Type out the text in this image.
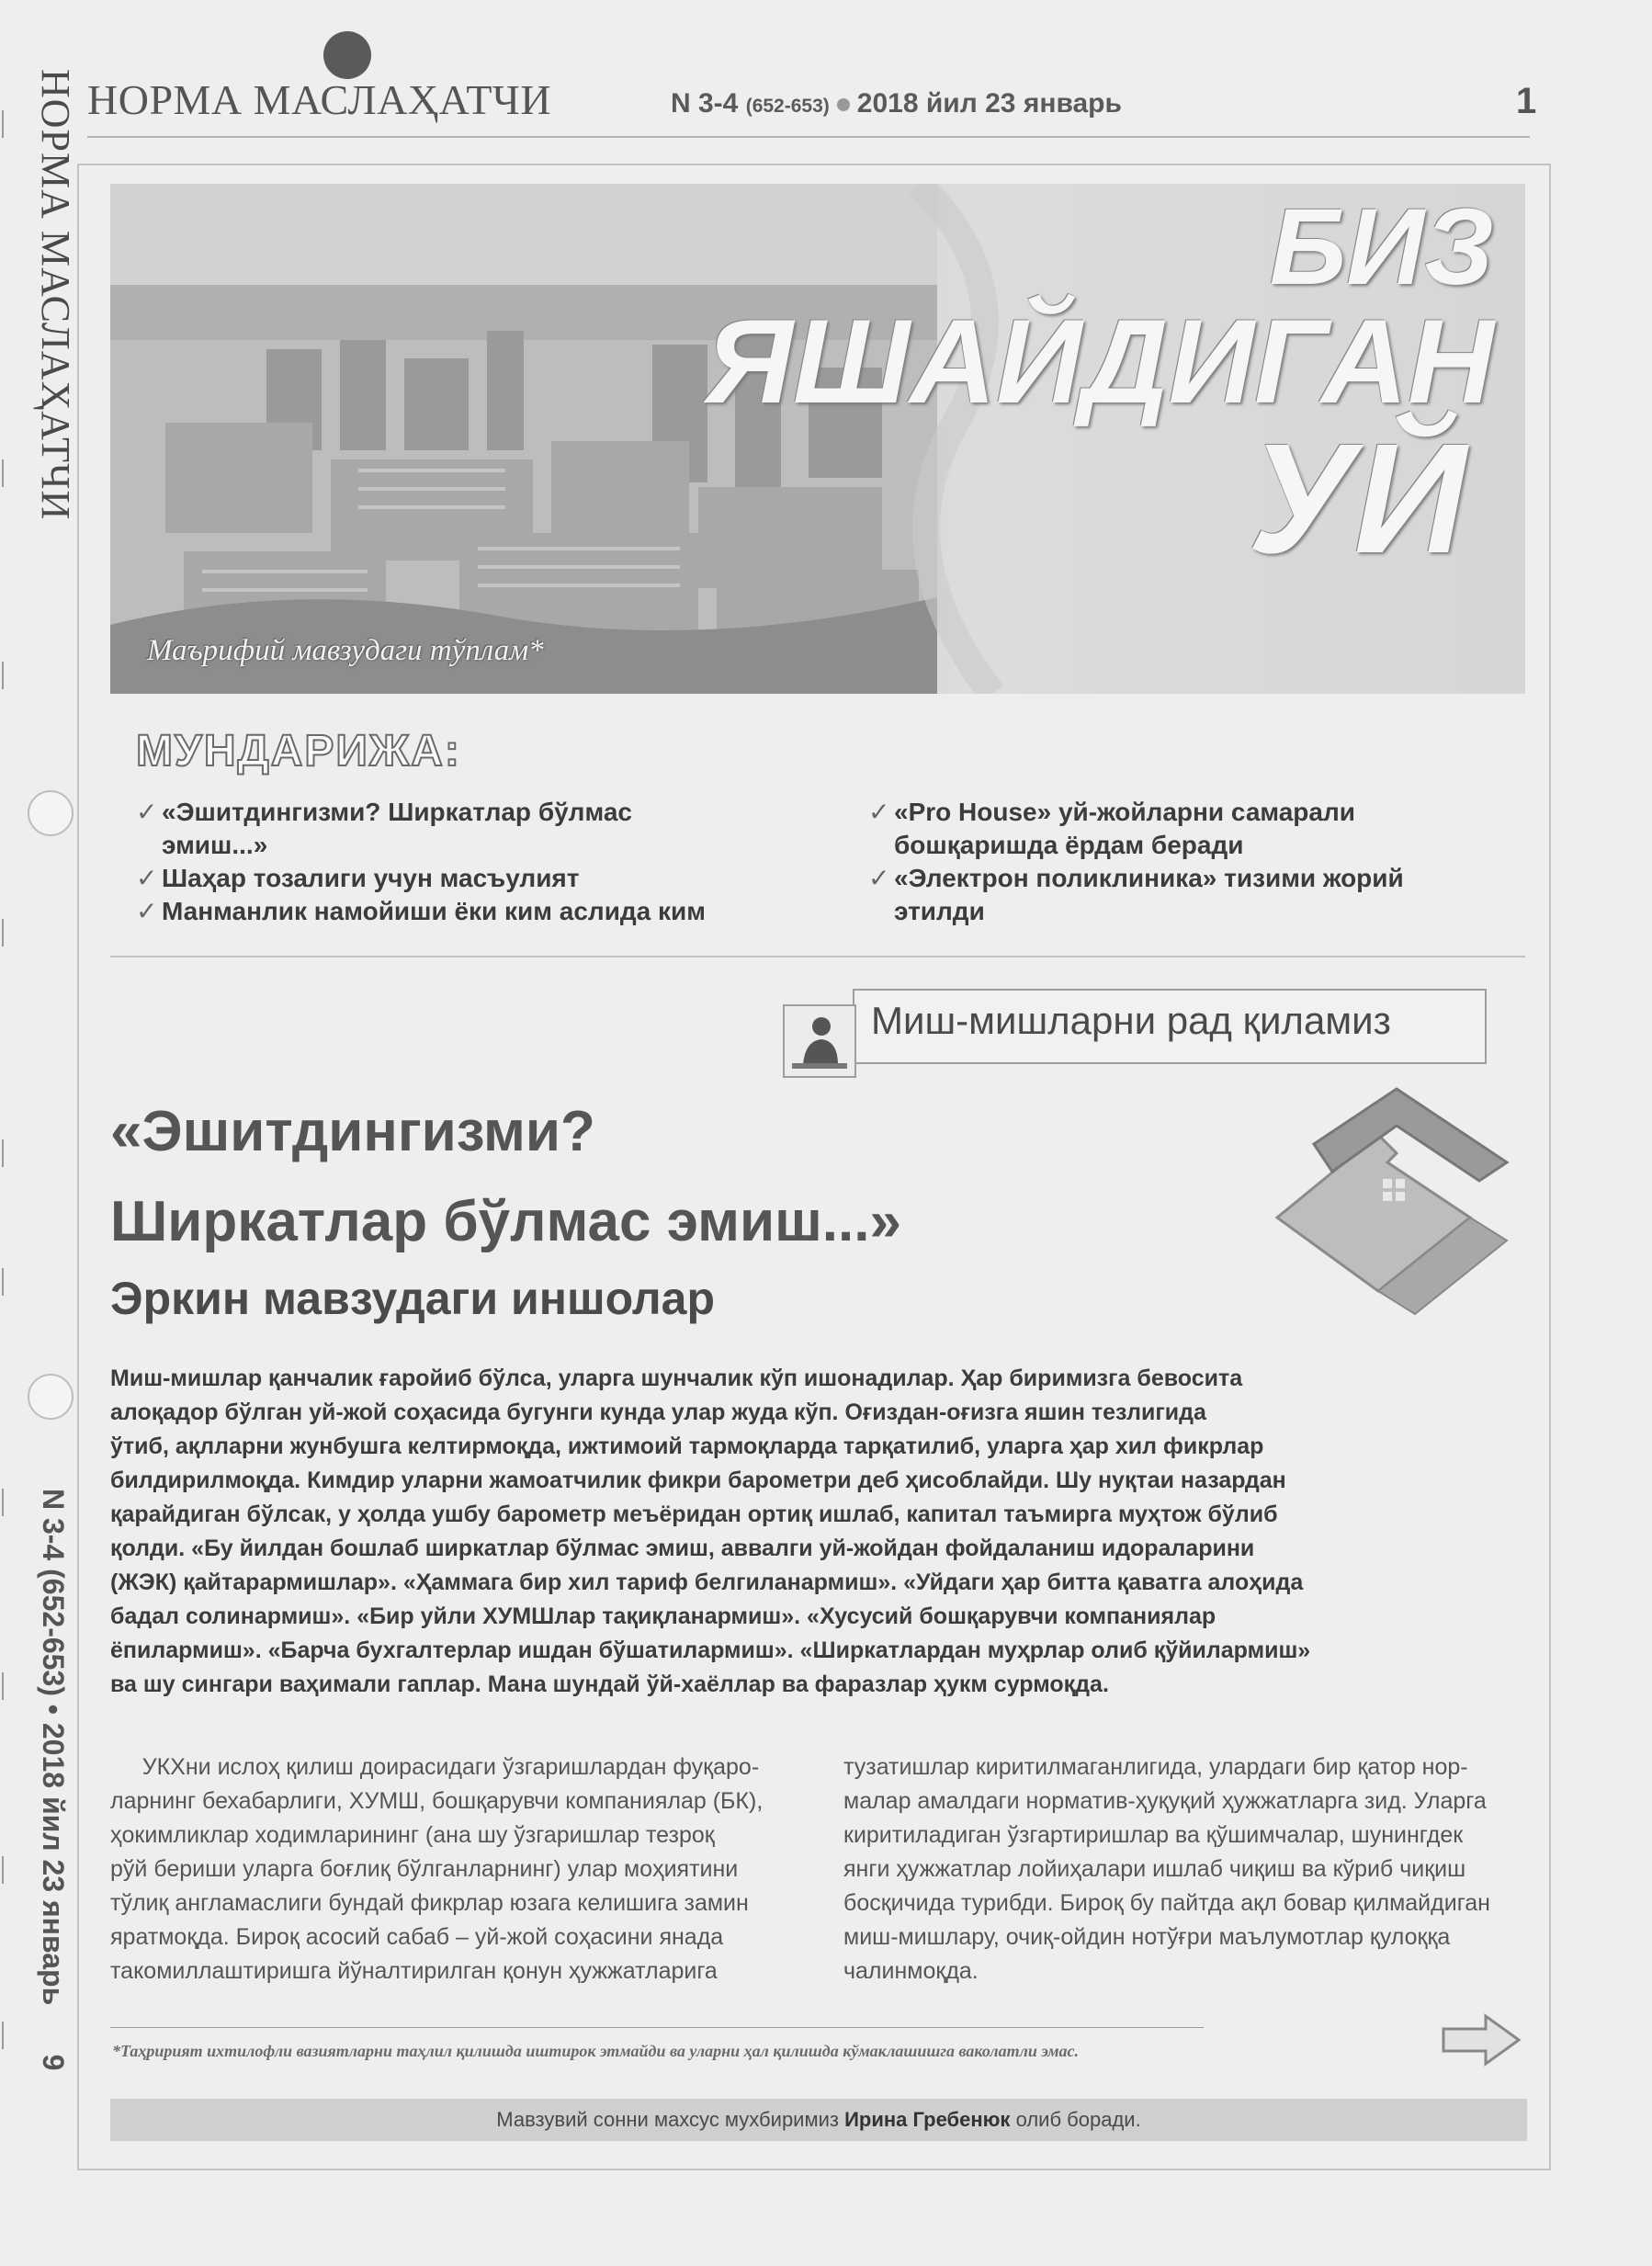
НОРМА МАСЛАҲАТЧИ
N 3-4 (652-653) • 2018 йил 23 январь      9
НОРМА МАСЛАҲАТЧИ	N 3-4 (652-653) 2018 йил 23 январь	1
БИЗ
ЯШАЙДИГАН
УЙ
Маърифий мавзудаги тўплам*
МУНДАРИЖА:
✓ «Эшитдингизми? Ширкатлар бўлмас
эмиш...»
✓ Шаҳар тозалиги учун масъулият
✓ Манманлик намойиши ёки ким аслида ким
✓ «Pro House» уй-жойларни самарали
бошқаришда ёрдам беради
✓ «Электрон поликлиника» тизими жорий
этилди
Миш-мишларни рад қиламиз
«Эшитдингизми?
Ширкатлар бўлмас эмиш...»
Эркин мавзудаги иншолар
Миш-мишлар қанчалик ғаройиб бўлса, уларга шунчалик кўп ишонадилар. Ҳар биримизга бевосита
алоқадор бўлган уй-жой соҳасида бугунги кунда улар жуда кўп. Оғиздан-оғизга яшин тезлигида
ўтиб, ақлларни жунбушга келтирмоқда, ижтимоий тармоқларда тарқатилиб, уларга ҳар хил фикрлар
билдирилмоқда. Кимдир уларни жамоатчилик фикри барометри деб ҳисоблайди. Шу нуқтаи назардан
қарайдиган бўлсак, у ҳолда ушбу барометр меъёридан ортиқ ишлаб, капитал таъмирга муҳтож бўлиб
қолди. «Бу йилдан бошлаб ширкатлар бўлмас эмиш, аввалги уй-жойдан фойдаланиш идораларини
(ЖЭК) қайтарармишлар». «Ҳаммага бир хил тариф белгиланармиш». «Уйдаги ҳар битта қаватга алоҳида
бадал солинармиш». «Бир уйли ХУМШлар тақиқланармиш». «Хусусий бошқарувчи компаниялар
ёпилармиш». «Барча бухгалтерлар ишдан бўшатилармиш». «Ширкатлардан муҳрлар олиб қўйилармиш»
ва шу сингари ваҳимали гаплар. Мана шундай ўй-хаёллар ва фаразлар ҳукм сурмоқда.
УКХни ислоҳ қилиш доирасидаги ўзгаришлардан фуқаро-
ларнинг бехабарлиги, ХУМШ, бошқарувчи компаниялар (БК),
ҳокимликлар ходимларининг (ана шу ўзгаришлар тезроқ
рўй бериши уларга боғлиқ бўлганларнинг) улар моҳиятини
тўлиқ англамаслиги бундай фикрлар юзага келишига замин
яратмоқда. Бироқ асосий сабаб – уй-жой соҳасини янада
такомиллаштиришга йўналтирилган қонун ҳужжатларига
тузатишлар киритилмаганлигида, улардаги бир қатор нор-
малар амалдаги норматив-ҳуқуқий ҳужжатларга зид. Уларга
киритиладиган ўзгартиришлар ва қўшимчалар, шунингдек
янги ҳужжатлар лойиҳалари ишлаб чиқиш ва кўриб чиқиш
босқичида турибди. Бироқ бу пайтда ақл бовар қилмайдиган
миш-мишлару, очиқ-ойдин нотўғри маълумотлар қулоққа
чалинмоқда.
*Таҳририят ихтилофли вазиятларни таҳлил қилишда иштирок этмайди ва уларни ҳал қилишда кўмаклашишга ваколатли эмас.
Мавзувий сонни махсус мухбиримиз Ирина Гребенюк олиб боради.
